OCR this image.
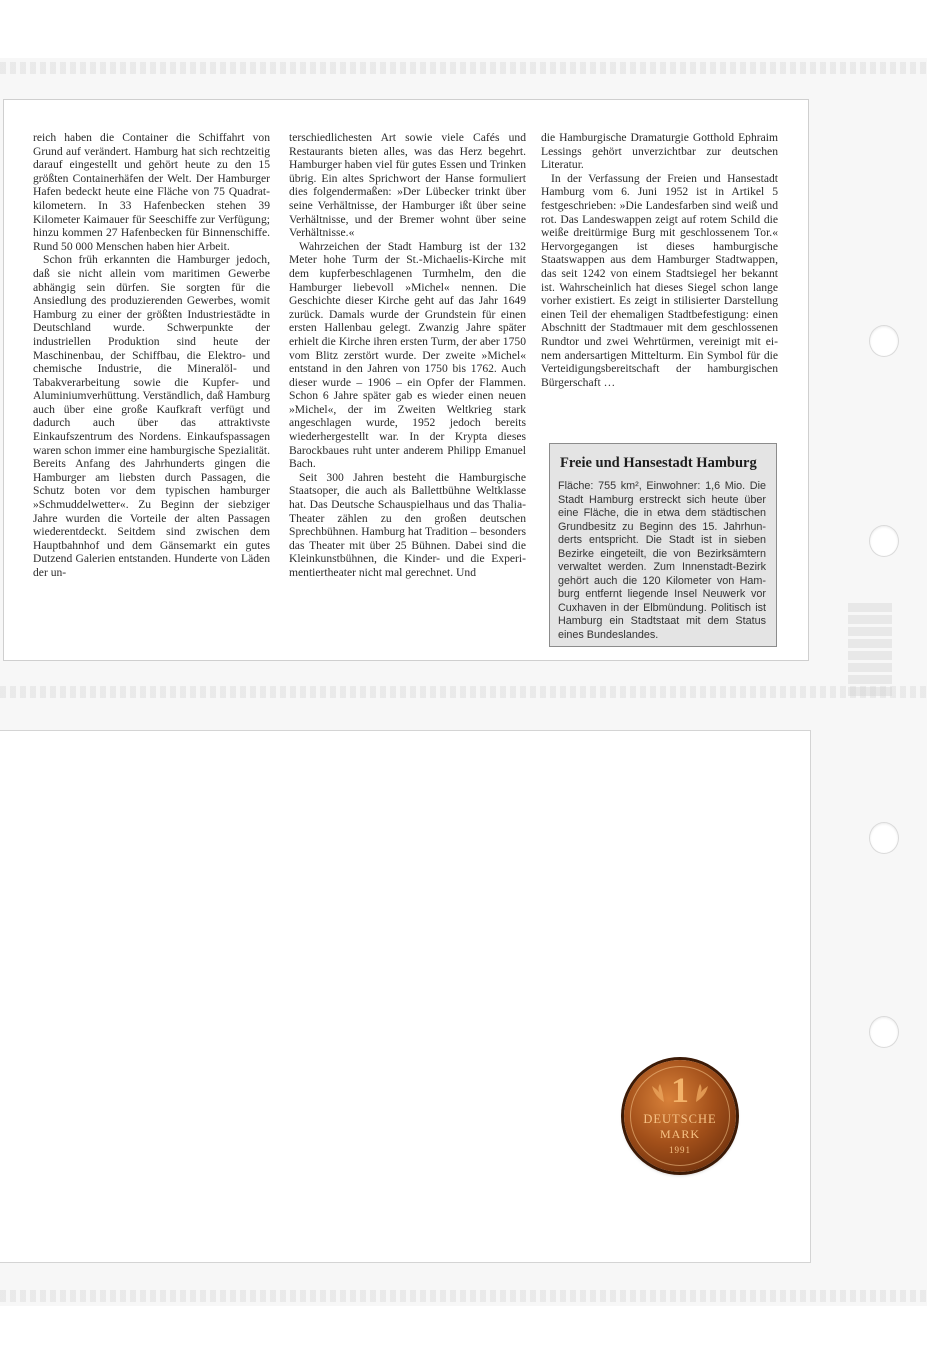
reich haben die Container die Schiffahrt von Grund auf verändert. Hamburg hat sich rechtzeitig darauf eingestellt und gehört heute zu den 15 größten Containerhäfen der Welt. Der Hamburger Hafen bedeckt heute eine Fläche von 75 Quadratkilometern. In 33 Hafenbecken stehen 39 Kilometer Kaimauer für Seeschiffe zur Verfügung; hinzu kommen 27 Hafenbecken für Binnenschiffe. Rund 50 000 Menschen haben hier Arbeit.

Schon früh erkannten die Hamburger jedoch, daß sie nicht allein vom maritimen Gewerbe abhängig sein dürfen. Sie sorgten für die Ansiedlung des produzierenden Gewerbes, womit Hamburg zu einer der größten Industriestädte in Deutschland wurde. Schwerpunkte der industriellen Produktion sind heute der Maschinenbau, der Schiffbau, die Elektro- und chemische Industrie, die Mineralöl- und Tabakverarbeitung sowie die Kupfer- und Aluminiumverhüttung. Verständlich, daß Hamburg auch über eine große Kaufkraft verfügt und dadurch auch über das attraktivste Einkaufszentrum des Nordens. Einkaufspassagen waren schon immer eine hamburgische Spezialität. Bereits Anfang des Jahrhunderts gingen die Hamburger am liebsten durch Passagen, die Schutz boten vor dem typischen hamburger »Schmuddelwetter«. Zu Beginn der siebziger Jahre wurden die Vorteile der alten Passagen wiederentdeckt. Seitdem sind zwischen dem Hauptbahnhof und dem Gänsemarkt ein gutes Dutzend Galerien entstanden. Hunderte von Läden der un-

terschiedlichesten Art sowie viele Cafés und Restaurants bieten alles, was das Herz begehrt. Hamburger haben viel für gutes Essen und Trinken übrig. Ein altes Sprichwort der Hanse formuliert dies folgendermaßen: »Der Lübecker trinkt über seine Verhältnisse, der Hamburger ißt über seine Verhältnisse, und der Bremer wohnt über seine Verhältnisse.«

Wahrzeichen der Stadt Hamburg ist der 132 Meter hohe Turm der St.-Michaelis-Kirche mit dem kupferbeschlagenen Turmhelm, den die Hamburger liebevoll »Michel« nennen. Die Geschichte dieser Kirche geht auf das Jahr 1649 zurück. Damals wurde der Grundstein für einen ersten Hallenbau gelegt. Zwanzig Jahre später erhielt die Kirche ihren ersten Turm, der aber 1750 vom Blitz zerstört wurde. Der zweite »Michel« entstand in den Jahren von 1750 bis 1762. Auch dieser wurde – 1906 – ein Opfer der Flammen. Schon 6 Jahre später gab es wieder einen neuen »Michel«, der im Zweiten Weltkrieg stark angeschlagen wurde, 1952 jedoch bereits wiederhergestellt war. In der Krypta dieses Barockbaues ruht unter anderem Philipp Emanuel Bach.

Seit 300 Jahren besteht die Hamburgische Staatsoper, die auch als Ballettbühne Weltklasse hat. Das Deutsche Schauspielhaus und das Thalia-Theater zählen zu den großen deutschen Sprechbühnen. Hamburg hat Tradition – besonders das Theater mit über 25 Bühnen. Dabei sind die Kleinkunstbühnen, die Kinder- und die Experimentiertheater nicht mal gerechnet. Und

die Hamburgische Dramaturgie Gotthold Ephraim Lessings gehört unverzichtbar zur deutschen Literatur.

In der Verfassung der Freien und Hansestadt Hamburg vom 6. Juni 1952 ist in Artikel 5 festgeschrieben: »Die Landesfarben sind weiß und rot. Das Landeswappen zeigt auf rotem Schild die weiße dreitürmige Burg mit geschlossenem Tor.« Hervorgegangen ist dieses hamburgische Staatswappen aus dem Hamburger Stadtwappen, das seit 1242 von einem Stadtsiegel her bekannt ist. Wahrscheinlich hat dieses Siegel schon lange vorher existiert. Es zeigt in stilisierter Darstellung einen Teil der ehemaligen Stadtbefestigung: einen Abschnitt der Stadtmauer mit dem geschlossenen Rundtor und zwei Wehrtürmen, vereinigt mit einem andersartigen Mittelturm. Ein Symbol für die Verteidigungsbereitschaft der hamburgischen Bürgerschaft …

Freie und Hansestadt Hamburg
Fläche: 755 km², Einwohner: 1,6 Mio. Die Stadt Hamburg erstreckt sich heute über eine Fläche, die in etwa dem städtischen Grundbesitz zu Beginn des 15. Jahrhunderts entspricht. Die Stadt ist in sieben Bezirke eingeteilt, die von Bezirksämtern verwaltet werden. Zum Innenstadt-Bezirk gehört auch die 120 Kilometer von Hamburg entfernt liegende Insel Neuwerk vor Cuxhaven in der Elbmündung. Politisch ist Hamburg ein Stadtstaat mit dem Status eines Bundeslandes.
1
DEUTSCHE
MARK
1991
